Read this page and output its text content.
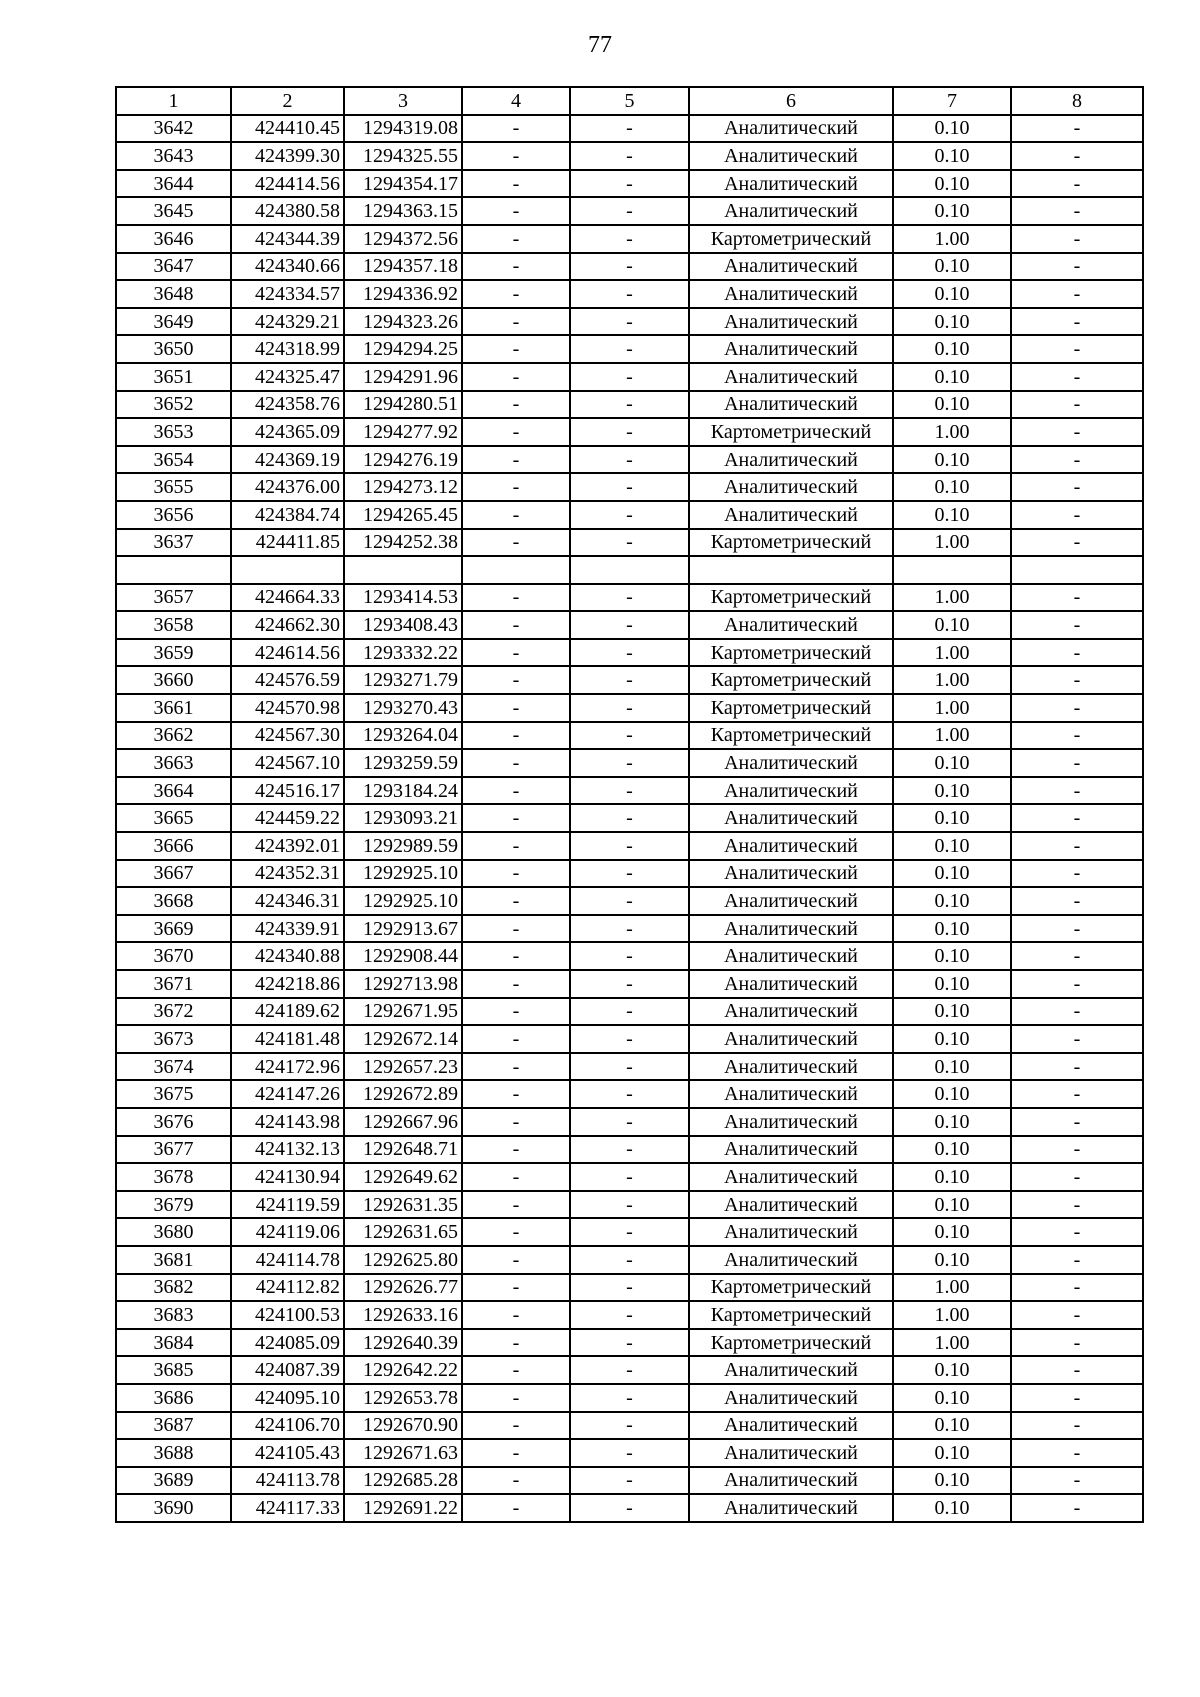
77
1	2	3	4	5	6	7	8
3642	424410.45	1294319.08	-	-	Аналитический	0.10	-
3643	424399.30	1294325.55	-	-	Аналитический	0.10	-
3644	424414.56	1294354.17	-	-	Аналитический	0.10	-
3645	424380.58	1294363.15	-	-	Аналитический	0.10	-
3646	424344.39	1294372.56	-	-	Картометрический	1.00	-
3647	424340.66	1294357.18	-	-	Аналитический	0.10	-
3648	424334.57	1294336.92	-	-	Аналитический	0.10	-
3649	424329.21	1294323.26	-	-	Аналитический	0.10	-
3650	424318.99	1294294.25	-	-	Аналитический	0.10	-
3651	424325.47	1294291.96	-	-	Аналитический	0.10	-
3652	424358.76	1294280.51	-	-	Аналитический	0.10	-
3653	424365.09	1294277.92	-	-	Картометрический	1.00	-
3654	424369.19	1294276.19	-	-	Аналитический	0.10	-
3655	424376.00	1294273.12	-	-	Аналитический	0.10	-
3656	424384.74	1294265.45	-	-	Аналитический	0.10	-
3637	424411.85	1294252.38	-	-	Картометрический	1.00	-

3657	424664.33	1293414.53	-	-	Картометрический	1.00	-
3658	424662.30	1293408.43	-	-	Аналитический	0.10	-
3659	424614.56	1293332.22	-	-	Картометрический	1.00	-
3660	424576.59	1293271.79	-	-	Картометрический	1.00	-
3661	424570.98	1293270.43	-	-	Картометрический	1.00	-
3662	424567.30	1293264.04	-	-	Картометрический	1.00	-
3663	424567.10	1293259.59	-	-	Аналитический	0.10	-
3664	424516.17	1293184.24	-	-	Аналитический	0.10	-
3665	424459.22	1293093.21	-	-	Аналитический	0.10	-
3666	424392.01	1292989.59	-	-	Аналитический	0.10	-
3667	424352.31	1292925.10	-	-	Аналитический	0.10	-
3668	424346.31	1292925.10	-	-	Аналитический	0.10	-
3669	424339.91	1292913.67	-	-	Аналитический	0.10	-
3670	424340.88	1292908.44	-	-	Аналитический	0.10	-
3671	424218.86	1292713.98	-	-	Аналитический	0.10	-
3672	424189.62	1292671.95	-	-	Аналитический	0.10	-
3673	424181.48	1292672.14	-	-	Аналитический	0.10	-
3674	424172.96	1292657.23	-	-	Аналитический	0.10	-
3675	424147.26	1292672.89	-	-	Аналитический	0.10	-
3676	424143.98	1292667.96	-	-	Аналитический	0.10	-
3677	424132.13	1292648.71	-	-	Аналитический	0.10	-
3678	424130.94	1292649.62	-	-	Аналитический	0.10	-
3679	424119.59	1292631.35	-	-	Аналитический	0.10	-
3680	424119.06	1292631.65	-	-	Аналитический	0.10	-
3681	424114.78	1292625.80	-	-	Аналитический	0.10	-
3682	424112.82	1292626.77	-	-	Картометрический	1.00	-
3683	424100.53	1292633.16	-	-	Картометрический	1.00	-
3684	424085.09	1292640.39	-	-	Картометрический	1.00	-
3685	424087.39	1292642.22	-	-	Аналитический	0.10	-
3686	424095.10	1292653.78	-	-	Аналитический	0.10	-
3687	424106.70	1292670.90	-	-	Аналитический	0.10	-
3688	424105.43	1292671.63	-	-	Аналитический	0.10	-
3689	424113.78	1292685.28	-	-	Аналитический	0.10	-
3690	424117.33	1292691.22	-	-	Аналитический	0.10	-
